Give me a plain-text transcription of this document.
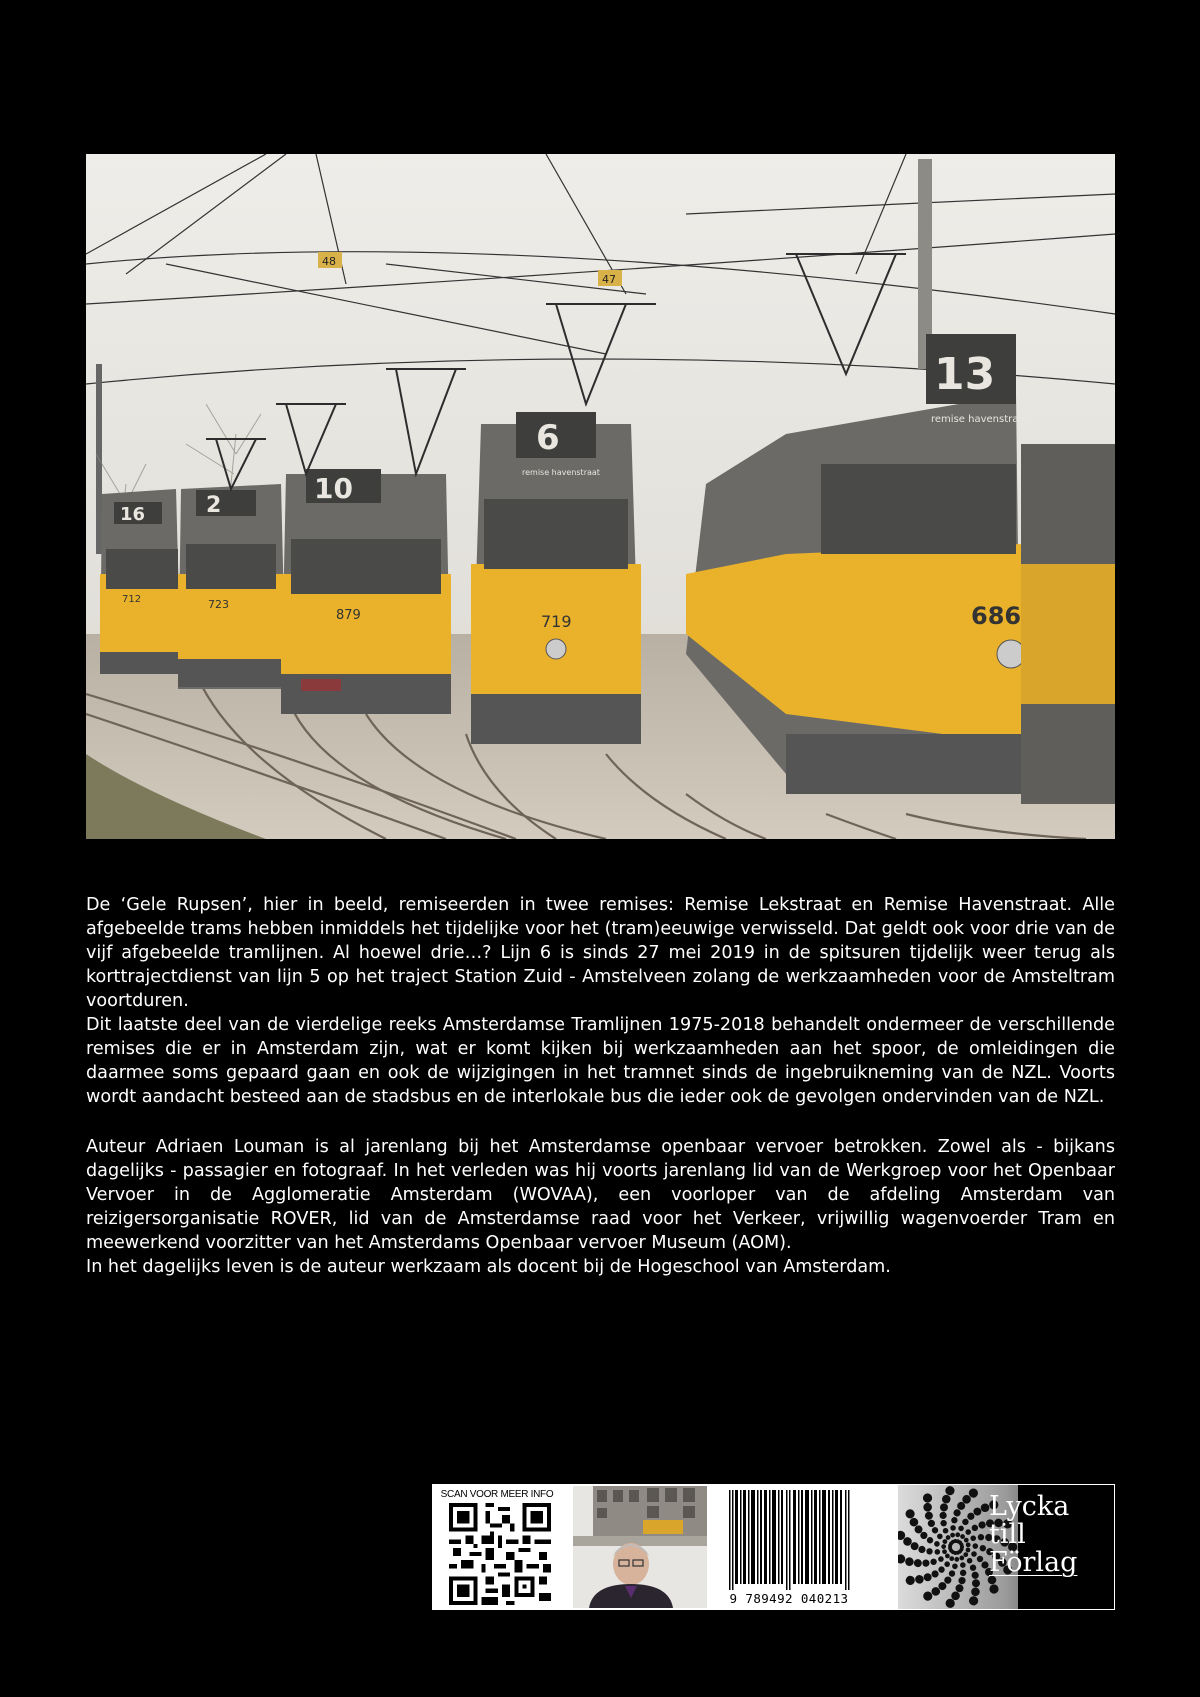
16
712
2
723
10
879
6
remise havenstraat
719
13
remise havenstraat
686
48
47

De ‘Gele Rupsen’, hier in beeld, remiseerden in twee remises: Remise Lekstraat en Remise Havenstraat. Alle afgebeelde trams hebben inmiddels het tijdelijke voor het (tram)eeuwige verwisseld. Dat geldt ook voor drie van de vijf afgebeelde tramlijnen. Al hoewel drie…? Lijn 6 is sinds 27 mei 2019 in de spitsuren tijdelijk weer terug als korttrajectdienst van lijn 5 op het traject Station Zuid - Amstelveen zolang de werkzaamheden voor de Amsteltram voortduren.

Dit laatste deel van de vierdelige reeks Amsterdamse Tramlijnen 1975-2018 behandelt ondermeer de verschillende remises die er in Amsterdam zijn, wat er komt kijken bij werkzaamheden aan het spoor, de omleidingen die daarmee soms gepaard gaan en ook de wijzigingen in het tramnet sinds de ingebruikneming van de NZL. Voorts wordt aandacht besteed aan de stadsbus en de interlokale bus die ieder ook de gevolgen ondervinden van de NZL.

Auteur Adriaen Louman is al jarenlang bij het Amsterdamse openbaar vervoer betrokken. Zowel als - bijkans dagelijks - passagier en fotograaf. In het verleden was hij voorts jarenlang lid van de Werkgroep voor het Openbaar Vervoer in de Agglomeratie Amsterdam (WOVAA), een voorloper van de afdeling Amsterdam van reizigersorganisatie ROVER, lid van de Amsterdamse raad voor het Verkeer, vrijwillig wagenvoerder Tram en meewerkend voorzitter van het Amsterdams Openbaar vervoer Museum (AOM).

In het dagelijks leven is de auteur werkzaam als docent bij de Hogeschool van Amsterdam.

SCAN VOOR MEER INFO
9 789492 040213
Lycka
till
Förlag
